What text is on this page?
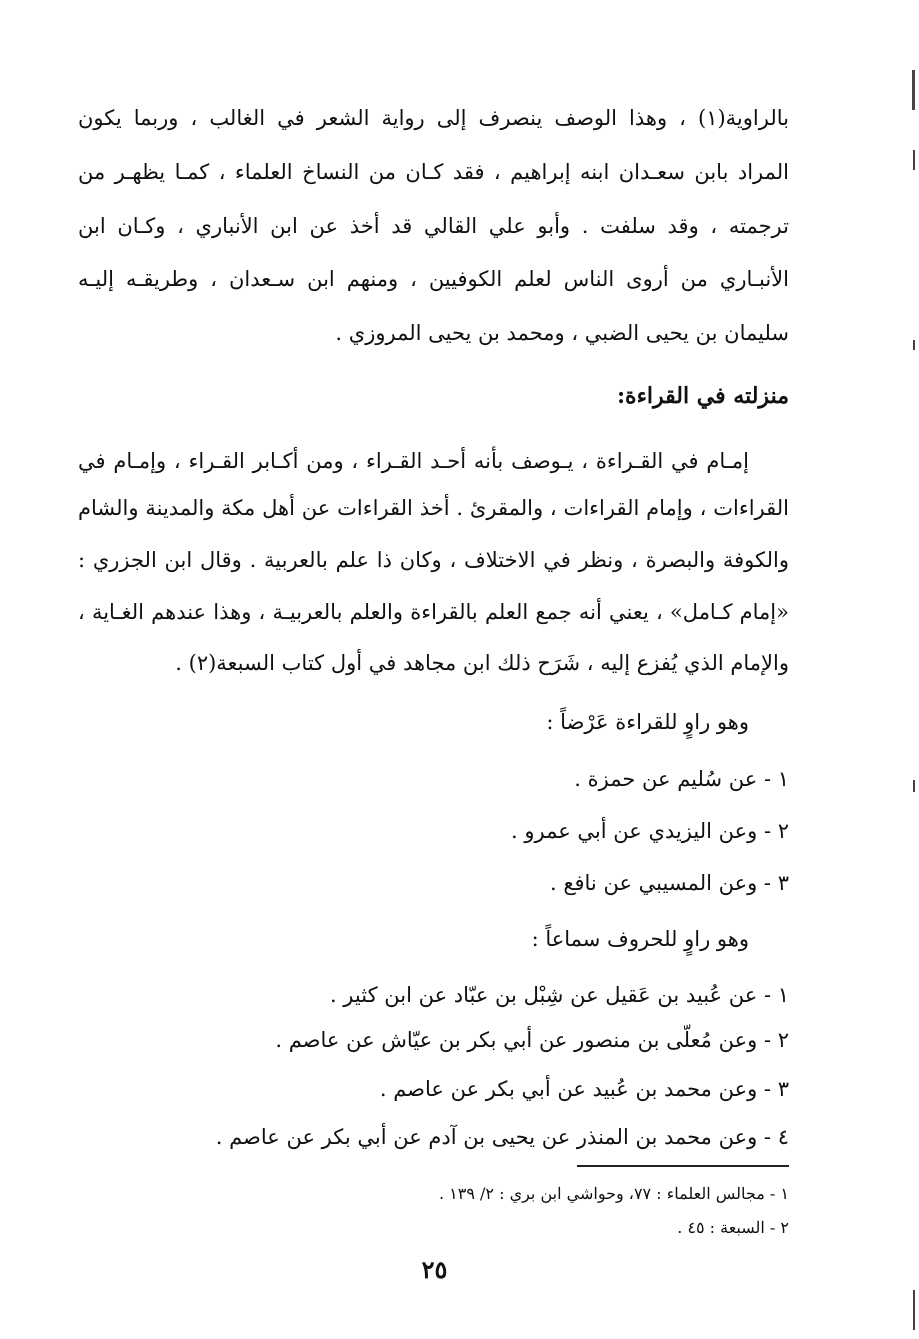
بالراوية(١) ، وهذا الوصف ينصرف إلى رواية الشعر في الغالب ، وربما يكون
المراد بابن سعـدان ابنه إبراهيم ، فقد كـان من النساخ العلماء ، كمـا يظهـر من
ترجمته ، وقد سلفت . وأبو علي القالي قد أخذ عن ابن الأنباري ، وكـان ابن
الأنبـاري من أروى الناس لعلم الكوفيين ، ومنهم ابن سـعدان ، وطريقـه إليـه
سليمان بن يحيى الضبي ، ومحمد بن يحيى المروزي .
منزلته في القراءة:
إمـام في القـراءة ، يـوصف بأنه أحـد القـراء ، ومن أكـابر القـراء ، وإمـام في
القراءات ، وإمام القراءات ، والمقرئ . أخذ القراءات عن أهل مكة والمدينة والشام
والكوفة والبصرة ، ونظر في الاختلاف ، وكان ذا علم بالعربية . وقال ابن الجزري :
«إمام كـامل» ، يعني أنه جمع العلم بالقراءة والعلم بالعربيـة ، وهذا عندهم الغـاية ،
والإمام الذي يُفزع إليه ، شَرَح ذلك ابن مجاهد في أول كتاب السبعة(٢) .
وهو راوٍ للقراءة عَرْضاً :
١ - عن سُليم عن حمزة .
٢ - وعن اليزيدي عن أبي عمرو .
٣ - وعن المسيبي عن نافع .
وهو راوٍ للحروف سماعاً :
١ - عن عُبيد بن عَقيل عن شِبْل بن عبّاد عن ابن كثير .
٢ - وعن مُعلّى بن منصور عن أبي بكر بن عيّاش عن عاصم .
٣ - وعن محمد بن عُبيد عن أبي بكر عن عاصم .
٤ - وعن محمد بن المنذر عن يحيى بن آدم عن أبي بكر عن عاصم .
١ - مجالس العلماء : ٧٧، وحواشي ابن بري : ٢/ ١٣٩ .
٢ - السبعة : ٤٥ .
٢٥
